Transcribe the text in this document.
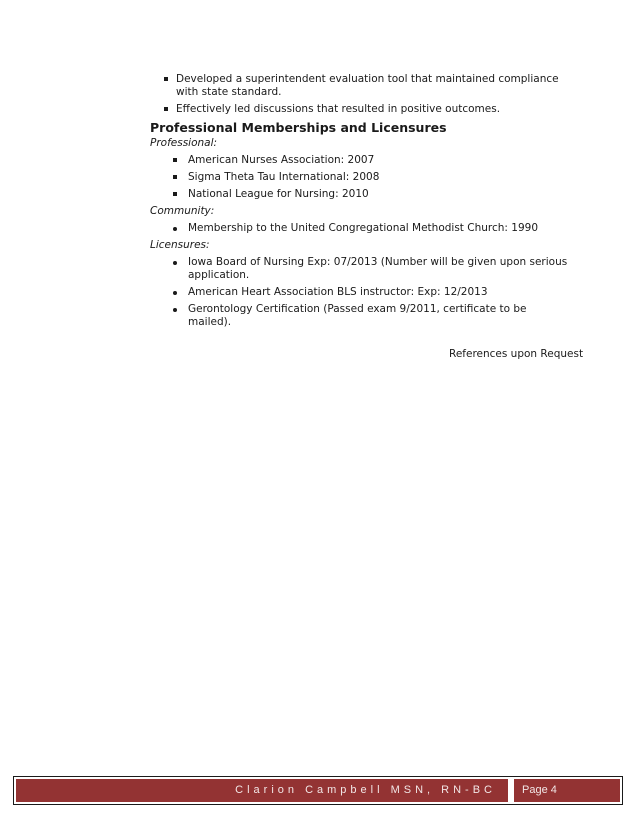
Developed a superintendent evaluation tool that maintained compliance with state standard.
Effectively led discussions that resulted in positive outcomes.
Professional Memberships and Licensures
Professional:
American Nurses Association: 2007
Sigma Theta Tau International: 2008
National League for Nursing: 2010
Community:
Membership to the United Congregational Methodist Church: 1990
Licensures:
Iowa Board of Nursing Exp: 07/2013 (Number will be given upon serious application.
American Heart Association BLS instructor: Exp: 12/2013
Gerontology Certification (Passed exam 9/2011, certificate to be mailed).
References upon Request
Clarion Campbell MSN, RN-BC	Page 4
